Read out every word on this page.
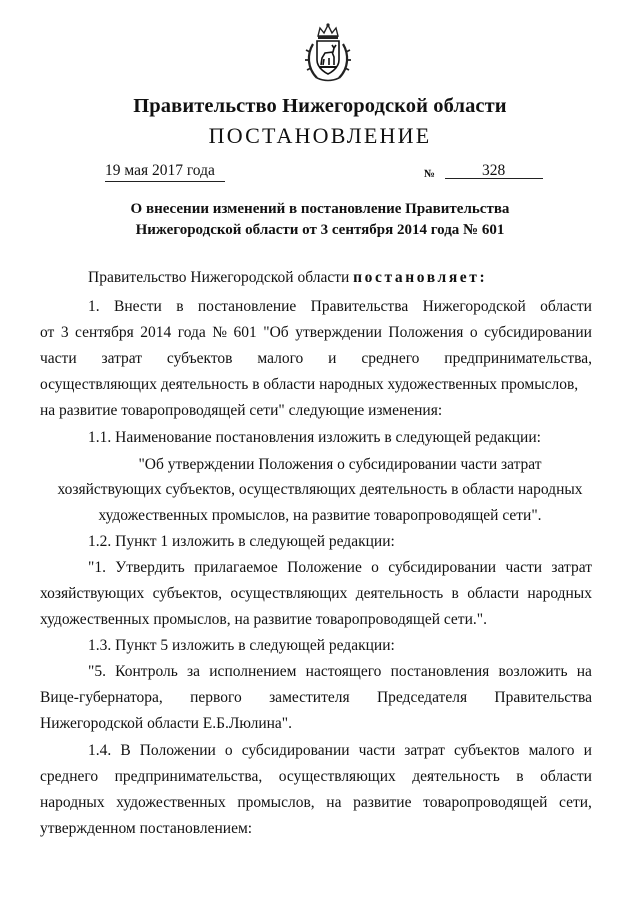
Правительство Нижегородской области
ПОСТАНОВЛЕНИЕ
19 мая 2017 года	№	328
О внесении изменений в постановление Правительства
Нижегородской области от 3 сентября 2014 года № 601
Правительство Нижегородской области постановляет:
1. Внести в постановление Правительства Нижегородской области
от 3 сентября 2014 года № 601 "Об утверждении Положения о субсидировании
части затрат субъектов малого и среднего предпринимательства,
осуществляющих деятельность в области народных художественных промыслов,
на развитие товаропроводящей сети" следующие изменения:
1.1. Наименование постановления изложить в следующей редакции:
"Об утверждении Положения о субсидировании части затрат
хозяйствующих субъектов, осуществляющих деятельность в области народных
художественных промыслов, на развитие товаропроводящей сети".
1.2. Пункт 1 изложить в следующей редакции:
"1. Утвердить прилагаемое Положение о субсидировании части затрат
хозяйствующих субъектов, осуществляющих деятельность в области народных
художественных промыслов, на развитие товаропроводящей сети.".
1.3. Пункт 5 изложить в следующей редакции:
"5. Контроль за исполнением настоящего постановления возложить на
Вице-губернатора, первого заместителя Председателя Правительства
Нижегородской области Е.Б.Люлина".
1.4. В Положении о субсидировании части затрат субъектов малого и
среднего предпринимательства, осуществляющих деятельность в области
народных художественных промыслов, на развитие товаропроводящей сети,
утвержденном постановлением:
